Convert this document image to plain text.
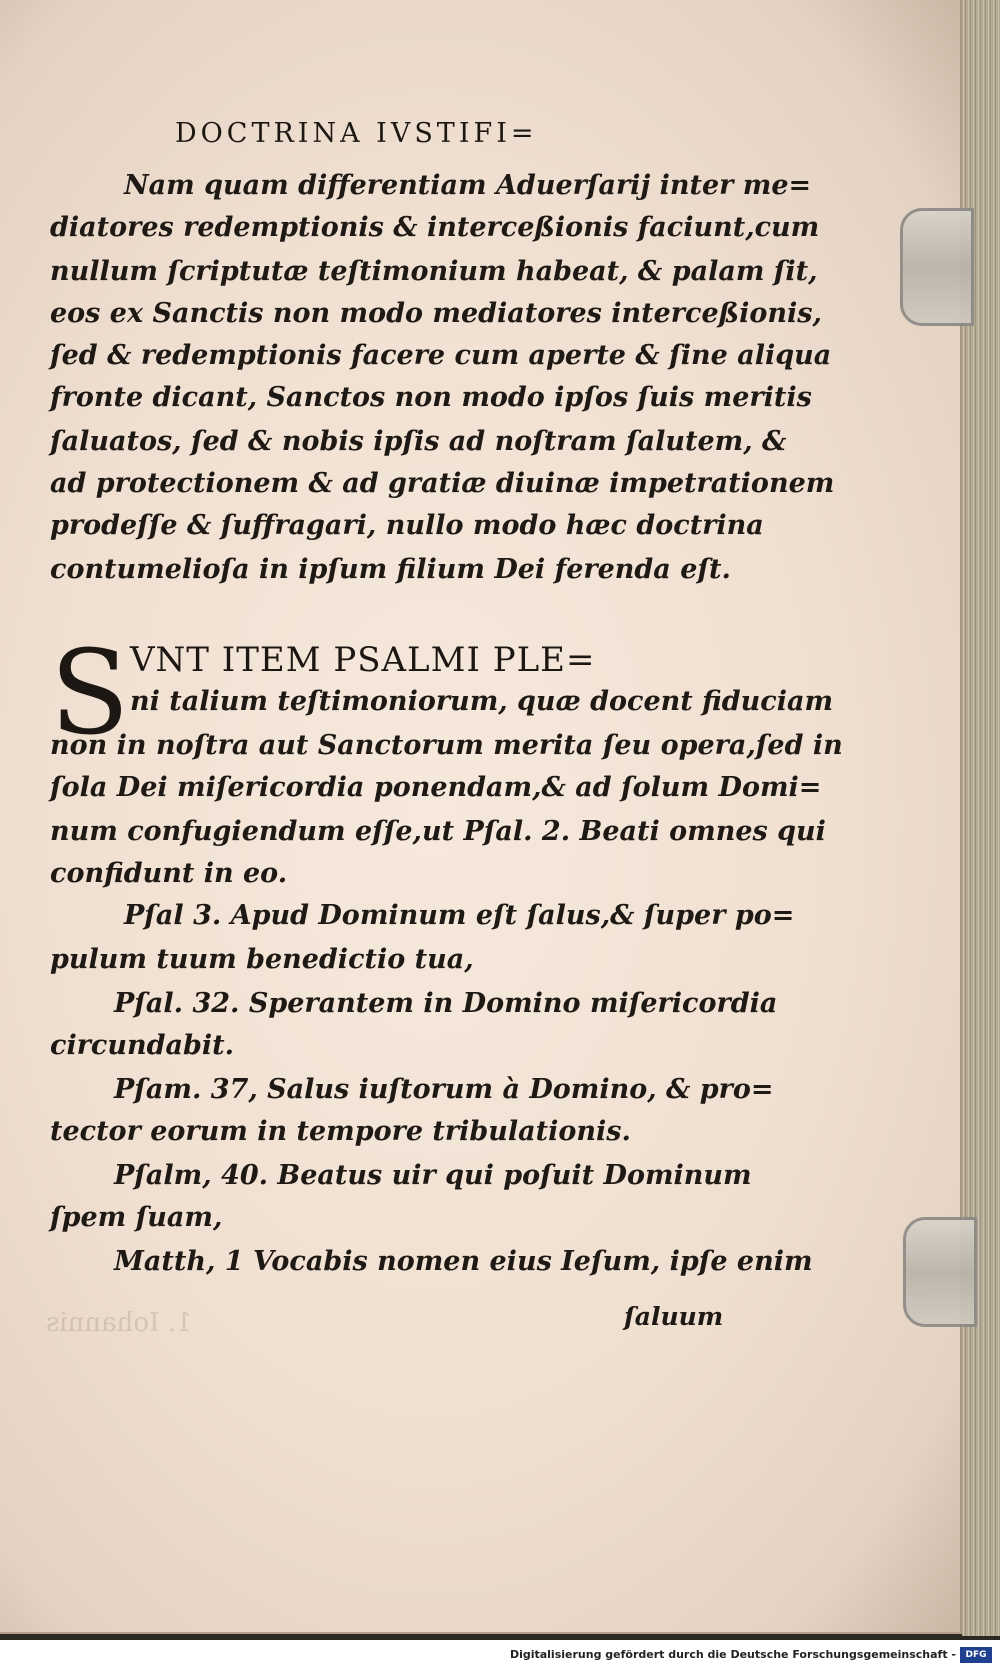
DOCTRINA IVSTIFI=
Nam quam differentiam Aduerſarij inter me=
diatores redemptionis & interceßionis faciunt,cum
nullum ſcriptutæ teſtimonium habeat, & palam ſit,
eos ex Sanctis non modo mediatores interceßionis,
ſed & redemptionis facere cum aperte & ſine aliqua
fronte dicant, Sanctos non modo ipſos ſuis meritis
ſaluatos, ſed & nobis ipſis ad noſtram ſalutem, &
ad protectionem & ad gratiæ diuinæ impetrationem
prodeſſe & ſuffragari, nullo modo hæc doctrina
contumelioſa in ipſum filium Dei ferenda eſt.
ni talium teſtimoniorum, quæ docent fiduciam
non in noſtra aut Sanctorum merita ſeu opera,ſed in
ſola Dei miſericordia ponendam,& ad ſolum Domi=
num confugiendum eſſe,ut Pſal. 2. Beati omnes qui
confidunt in eo.
Pſal 3. Apud Dominum eſt ſalus,& ſuper po=
pulum tuum benedictio tua,
Pſal. 32. Sperantem in Domino miſericordia
circundabit.
Pſam. 37, Salus iuſtorum à Domino, & pro=
tector eorum in tempore tribulationis.
Pſalm, 40. Beatus uir qui poſuit Dominum
ſpem ſuam,
Matth, 1 Vocabis nomen eius Ieſum, ipſe enim
S VNT ITEM PSALMI PLE=
1. Iohannis	ſaluum
Digitalisierung gefördert durch die Deutsche Forschungsgemeinschaft -	DFG
